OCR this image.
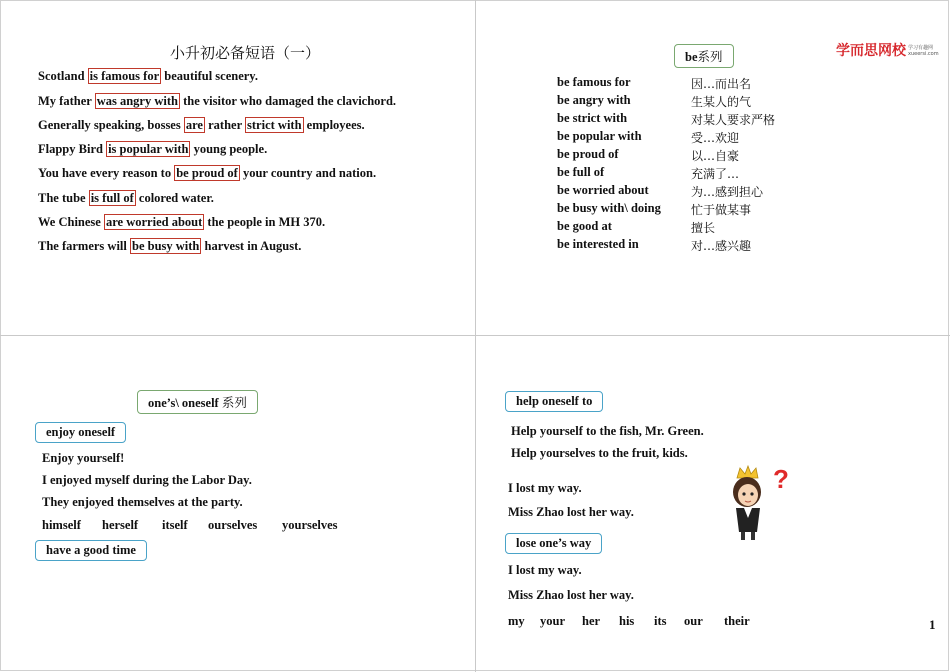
小升初必备短语（一）
Scotland is famous for beautiful scenery.
My father was angry with the visitor who damaged the clavichord.
Generally speaking, bosses are rather strict with employees.
Flappy Bird is popular with young people.
You have every reason to be proud of your country and nation.
The tube is full of colored water.
We Chinese are worried about the people in MH 370.
The farmers will be busy with harvest in August.
be系列	学而思网校 学习有趣网
xueersi.com
be famous for	因…而出名
be angry with	生某人的气
be strict with	对某人要求严格
be popular with	受…欢迎
be proud of	以…自豪
be full of	充满了…
be worried about	为…感到担心
be busy with\ doing	忙于做某事
be good at	擅长
be interested in	对…感兴趣
one’s\ oneself 系列
enjoy oneself
Enjoy yourself!
I enjoyed myself during the Labor Day.
They enjoyed themselves at the party.
himself herself itself ourselves yourselves
have a good time
help oneself to
Help yourself to the fish, Mr. Green.
Help yourselves to the fruit, kids.
I lost my way.
Miss Zhao lost her way.
lose one’s way
I lost my way.
Miss Zhao lost her way.
my your her his its our their	1
?
